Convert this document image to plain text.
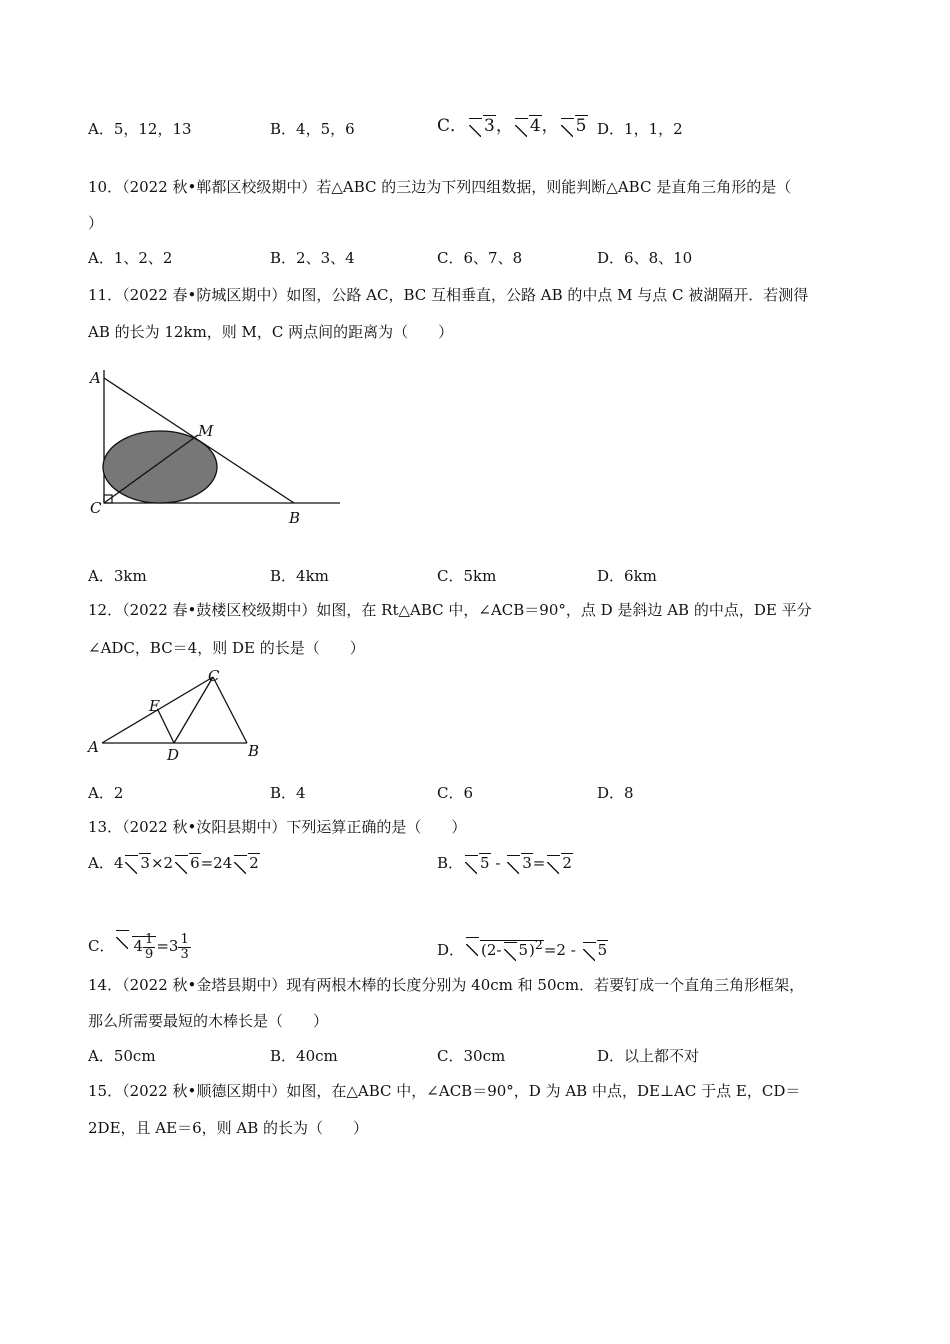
A．5，12，13	B．4，5，6	C． 3， 4， 5 D．1，1，2
10．（2022 秋•郸都区校级期中）若△ABC 的三边为下列四组数据，则能判断△ABC 是直角三角形的是（
）
A．1、2、2	B．2、3、4	C．6、7、8	D．6、8、10
11．（2022 春•防城区期中）如图，公路 AC，BC 互相垂直，公路 AB 的中点 M 与点 C 被湖隔开．若测得
AB 的长为 12km，则 M，C 两点间的距离为（　　）
A
M
C
B
A．3km	B．4km	C．5km	D．6km
12．（2022 春•鼓楼区校级期中）如图，在 Rt△ABC 中，∠ACB＝90°，点 D 是斜边 AB 的中点，DE 平分
∠ADC，BC＝4，则 DE 的长是（　　）
C
E
A	D	B
A．2	B．4	C．6	D．8
13．（2022 秋•汝阳县期中）下列运算正确的是（　　）
A．4 3×2 6=24 2	B． 5 - 3= 2
C． $4 \frac{1}{9} =3 \frac{1}{3}$	D． (2- 5)$^2$=2 - 5
14．（2022 秋•金塔县期中）现有两根木棒的长度分别为 40cm 和 50cm．若要钉成一个直角三角形框架，
那么所需要最短的木棒长是（　　）
A．50cm	B．40cm	C．30cm	D．以上都不对
15．（2022 秋•顺德区期中）如图，在△ABC 中，∠ACB＝90°，D 为 AB 中点，DE⊥AC 于点 E，CD＝
2DE，且 AE＝6，则 AB 的长为（　　）
